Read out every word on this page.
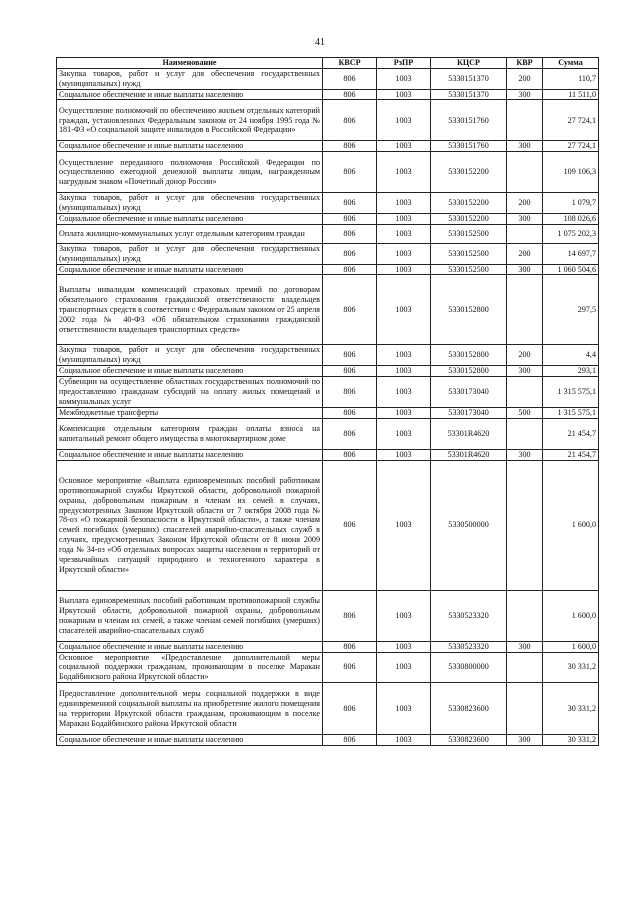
41
Наименование	КВСР	РзПР	КЦСР	КВР	Сумма
Закупка товаров, работ и услуг для обеспечения государственных (муниципальных) нужд	806	1003	5330151370	200	110,7
Социальное обеспечение и иные выплаты населению	806	1003	5330151370	300	11 511,0
Осуществление полномочий по обеспечению жильем отдельных категорий граждан, установленных Федеральным законом от 24 ноября 1995 года № 181-ФЗ «О социальной защите инвалидов в Российской Федерации»	806	1003	5330151760		27 724,1
Социальное обеспечение и иные выплаты населению	806	1003	5330151760	300	27 724,1
Осуществление переданного полномочия Российской Федерации по осуществлению ежегодной денежной выплаты лицам, награжденным нагрудным знаком «Почетный донор России»	806	1003	5330152200		109 106,3
Закупка товаров, работ и услуг для обеспечения государственных (муниципальных) нужд	806	1003	5330152200	200	1 079,7
Социальное обеспечение и иные выплаты населению	806	1003	5330152200	300	108 026,6
Оплата жилищно-коммунальных услуг отдельным категориям граждан	806	1003	5330152500		1 075 202,3
Закупка товаров, работ и услуг для обеспечения государственных (муниципальных) нужд	806	1003	5330152500	200	14 697,7
Социальное обеспечение и иные выплаты населению	806	1003	5330152500	300	1 060 504,6
Выплаты инвалидам компенсаций страховых премий по договорам обязательного страхования гражданской ответственности владельцев транспортных средств в соответствии с Федеральным законом от 25 апреля 2002 года № 40-ФЗ «Об обязательном страховании гражданской ответственности владельцев транспортных средств»	806	1003	5330152800		297,5
Закупка товаров, работ и услуг для обеспечения государственных (муниципальных) нужд	806	1003	5330152800	200	4,4
Социальное обеспечение и иные выплаты населению	806	1003	5330152800	300	293,1
Субвенции на осуществление областных государственных полномочий по предоставлению гражданам субсидий на оплату жилых помещений и коммунальных услуг	806	1003	5330173040		1 315 575,1
Межбюджетные трансферты	806	1003	5330173040	500	1 315 575,1
Компенсация отдельным категориям граждан оплаты взноса на капитальный ремонт общего имущества в многоквартирном доме	806	1003	53301R4620		21 454,7
Социальное обеспечение и иные выплаты населению	806	1003	53301R4620	300	21 454,7
Основное мероприятие «Выплата единовременных пособий работникам противопожарной службы Иркутской области, добровольной пожарной охраны, добровольным пожарным и членам их семей в случаях, предусмотренных Законом Иркутской области от 7 октября 2008 года № 78-оз «О пожарной безопасности в Иркутской области», а также членам семей погибших (умерших) спасателей аварийно-спасательных служб в случаях, предусмотренных Законом Иркутской области от 8 июня 2009 года № 34-оз «Об отдельных вопросах защиты населения и территорий от чрезвычайных ситуаций природного и техногенного характера в Иркутской области»	806	1003	5330500000		1 600,0
Выплата единовременных пособий работникам противопожарной службы Иркутской области, добровольной пожарной охраны, добровольным пожарным и членам их семей, а также членам семей погибших (умерших) спасателей аварийно-спасательных служб	806	1003	5330523320		1 600,0
Социальное обеспечение и иные выплаты населению	806	1003	5330523320	300	1 600,0
Основное мероприятие «Предоставление дополнительной меры социальной поддержки гражданам, проживающим в поселке Маракан Бодайбинского района Иркутской области»	806	1003	5330800000		30 331,2
Предоставление дополнительной меры социальной поддержки в виде единовременной социальной выплаты на приобретение жилого помещения на территории Иркутской области гражданам, проживающим в поселке Маракан Бодайбинского района Иркутской области	806	1003	5330823600		30 331,2
Социальное обеспечение и иные выплаты населению	806	1003	5330823600	300	30 331,2
